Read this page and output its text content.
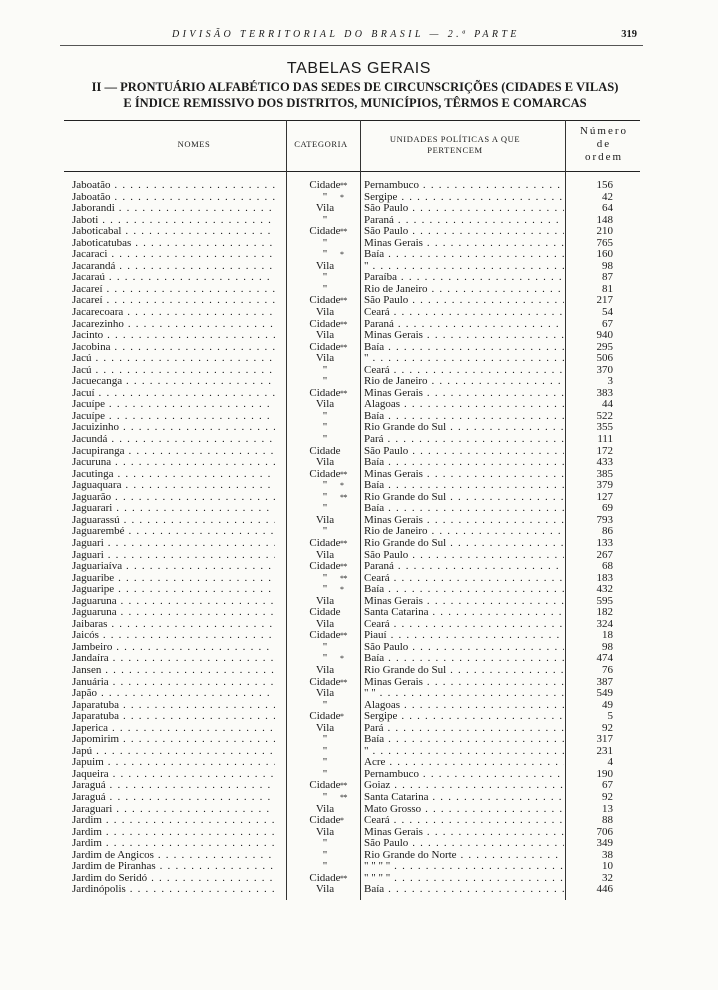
DIVISÃO TERRITORIAL DO BRASIL — 2.ª PARTE	319
TABELAS GERAIS
II — PRONTUÁRIO ALFABÉTICO DAS SEDES DE CIRCUNSCRIÇÕES (CIDADES E VILAS)
E ÍNDICE REMISSIVO DOS DISTRITOS, MUNICÍPIOS, TÊRMOS E COMARCAS
NOMES	CATEGORIA	UNIDADES POLÍTICAS A QUE
PERTENCEM
Número
de
ordem
Jaboatão . . .	Cidade **	Pernambuco . . .	156
Jaboatão . . .	"	*	Sergipe . . .	42
Jaborandi . . .	Vila	São Paulo . . .	64
Jaboti . . .	"	Paraná . . .	148
Jaboticabal . . .	Cidade **	São Paulo . . .	210
Jaboticatubas . . .	"	Minas Gerais . . .	765
Jacaraci . . .	"	*	Baía . . .	160
Jacarandá . . .	Vila	" . . .	98
Jacaraú . . .	"	Paraíba . . .	87
Jacareí . . .	"	Rio de Janeiro . . .	81
Jacareí . . .	Cidade **	São Paulo . . .	217
Jacarecoara . . .	Vila	Ceará . . .	54
Jacarezinho . . .	Cidade **	Paraná . . .	67
Jacinto . . .	Vila	Minas Gerais . . .	940
Jacobina . . .	Cidade **	Baía . . .	295
Jacú . . .	Vila	" . . .	506
Jacú . . .	"	Ceará . . .	370
Jacuecanga . . .	"	Rio de Janeiro . . .	3
Jacuí . . .	Cidade **	Minas Gerais . . .	383
Jacuípe . . .	Vila	Alagoas . . .	44
Jacuípe . . .	"	Baía . . .	522
Jacuizinho . . .	"	Rio Grande do Sul . . .	355
Jacundá . . .	"	Pará . . .	111
Jacupiranga . . .	Cidade	São Paulo . . .	172
Jacuruna . . .	Vila	Baía . . .	433
Jacutinga . . .	Cidade **	Minas Gerais . . .	385
Jaguaquara . . .	"	*	Baía . . .	379
Jaguarão . . .	"	**	Rio Grande do Sul . . .	127
Jaguarari . . .	"	Baía . . .	69
Jaguarassú . . .	Vila	Minas Gerais . . .	793
Jaguarembé . . .	"	Rio de Janeiro . . .	86
Jaguari . . .	Cidade **	Rio Grande do Sul . . .	133
Jaguari . . .	Vila	São Paulo . . .	267
Jaguariaíva . . .	Cidade **	Paraná . . .	68
Jaguaribe . . .	"	**	Ceará . . .	183
Jaguaripe . . .	"	*	Baía . . .	432
Jaguaruna . . .	Vila	Minas Gerais . . .	595
Jaguaruna . . .	Cidade	Santa Catarina . . .	182
Jaibaras . . .	Vila	Ceará . . .	324
Jaicós . . .	Cidade **	Piauí . . .	18
Jambeiro . . .	"	São Paulo . . .	98
Jandaíra . . .	"	*	Baía . . .	474
Jansen . . .	Vila	Rio Grande do Sul . . .	76
Januária . . .	Cidade **	Minas Gerais . . .	387
Japão . . .	Vila	" " . . .	549
Japaratuba . . .	"	Alagoas . . .	49
Japaratuba . . .	Cidade *	Sergipe . . .	5
Japerica . . .	Vila	Pará . . .	92
Japomirim . . .	"	Baía . . .	317
Japú . . .	"	" . . .	231
Japuim . . .	"	Acre . . .	4
Jaqueira . . .	"	Pernambuco . . .	190
Jaraguá . . .	Cidade **	Goiaz . . .	67
Jaraguá . . .	"	**	Santa Catarina . . .	92
Jaraguari . . .	Vila	Mato Grosso . . .	13
Jardim . . .	Cidade *	Ceará . . .	88
Jardim . . .	Vila	Minas Gerais . . .	706
Jardim . . .	"	São Paulo . . .	349
Jardim de Angicos . . .	"	Rio Grande do Norte . . .	38
Jardim de Piranhas . . .	"	" " " " . . .	10
Jardim do Seridó . . .	Cidade **	" " " " . . .	32
Jardinópolis . . .	Vila	Baía . . .	446
